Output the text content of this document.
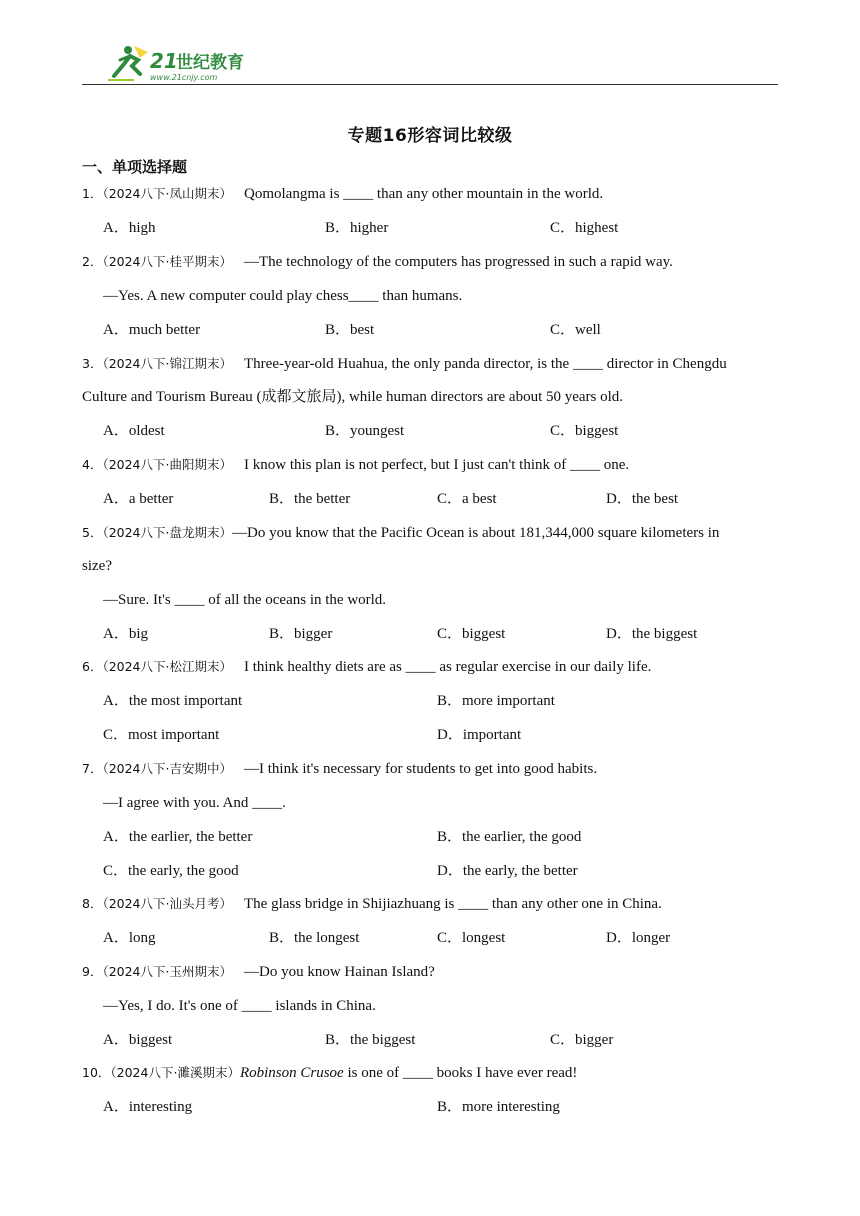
21
世纪教育
www.21cnjy.com
专题16形容词比较级
一、单项选择题
1．（2024八下·凤山期末） Qomolangma is ____ than any other mountain in the world.
A．high	B．higher	C．highest
2．（2024八下·桂平期末） —The technology of the computers has progressed in such a rapid way.
—Yes. A new computer could play chess____ than humans.
A．much better	B．best	C．well
3．（2024八下·锦江期末） Three-year-old Huahua, the only panda director, is the ____ director in Chengdu
Culture and Tourism Bureau (成都文旅局), while human directors are about 50 years old.
A．oldest	B．youngest	C．biggest
4．（2024八下·曲阳期末） I know this plan is not perfect, but I just can't think of ____ one.
A．a better	B．the better	C．a best	D．the best
5．（2024八下·盘龙期末）—Do you know that the Pacific Ocean is about 181,344,000 square kilometers in
size?
—Sure. It's ____ of all the oceans in the world.
A．big	B．bigger	C．biggest	D．the biggest
6．（2024八下·松江期末） I think healthy diets are as ____ as regular exercise in our daily life.
A．the most important	B．more important
C．most important	D．important
7．（2024八下·吉安期中） —I think it's necessary for students to get into good habits.
—I agree with you. And ____.
A．the earlier, the better	B．the earlier, the good
C．the early, the good	D．the early, the better
8．（2024八下·汕头月考） The glass bridge in Shijiazhuang is ____ than any other one in China.
A．long	B．the longest	C．longest	D．longer
9．（2024八下·玉州期末） —Do you know Hainan Island?
—Yes, I do. It's one of ____ islands in China.
A．biggest	B．the biggest	C．bigger
10．（2024八下·濉溪期末）Robinson Crusoe is one of ____ books I have ever read!
A．interesting	B．more interesting
